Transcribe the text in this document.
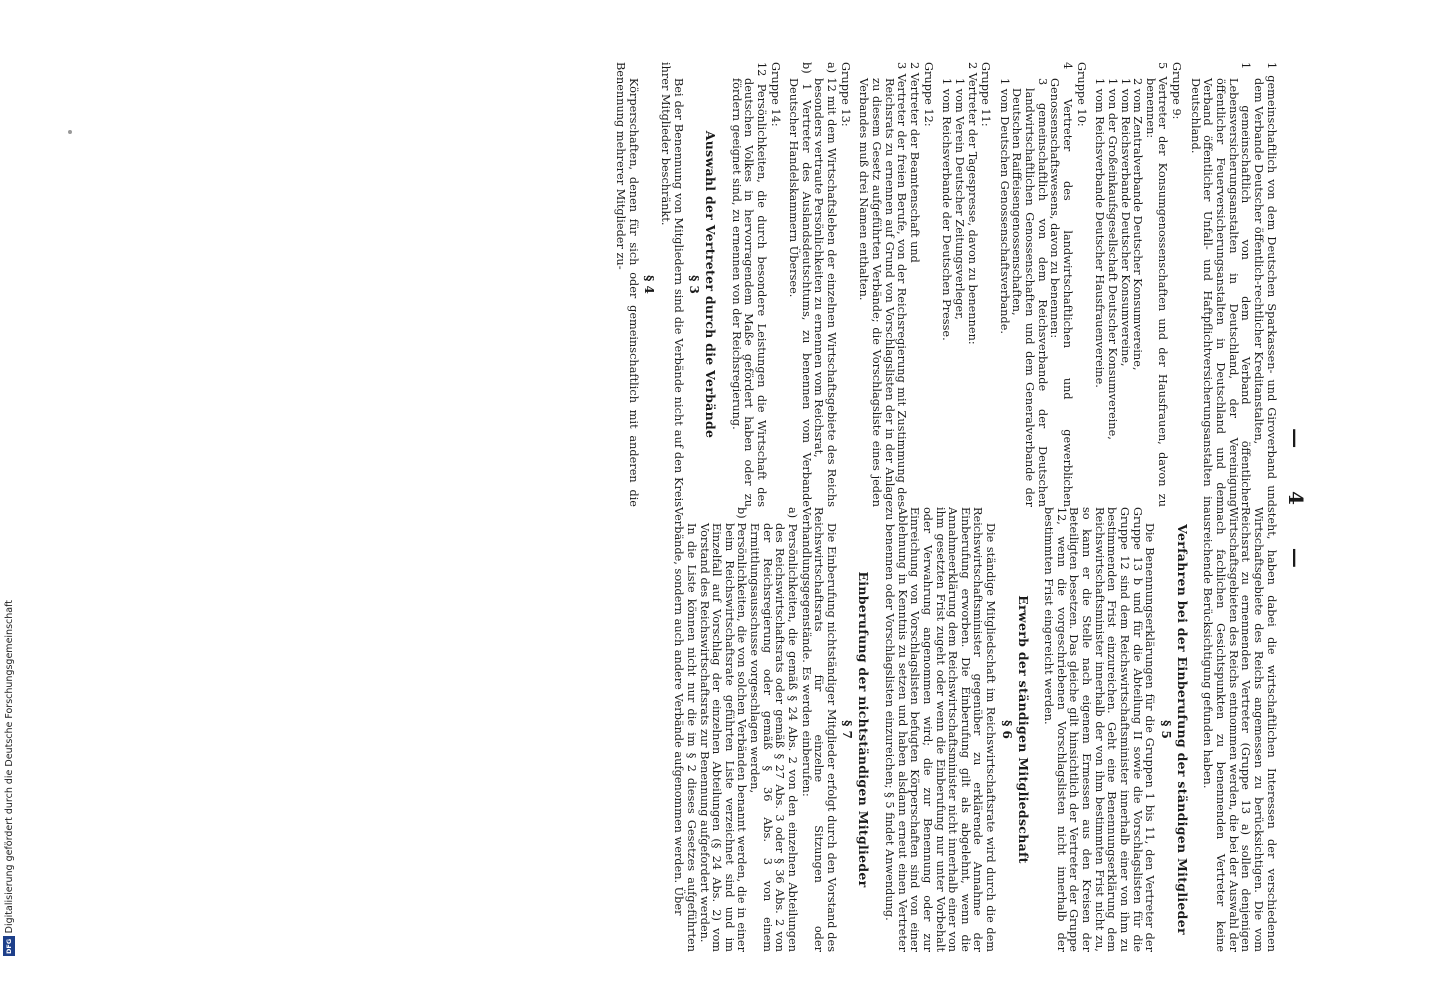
— 4 —
1 gemeinschaftlich von dem Deutschen Sparkassen- und Giroverband und dem Verbande Deutscher öffentlich-rechtlicher Kreditanstalten,
1 gemeinschaftlich von dem Verband öffentlicher Lebensversicherungsanstalten in Deutschland, der Vereinigung öffentlicher Feuerversicherungsanstalten in Deutschland und dem Verband öffentlicher Unfall- und Haftpflichtversicherungsanstalten in Deutschland.

Gruppe 9:

5 Vertreter der Konsumgenossenschaften und der Hausfrauen, davon zu benennen:
2 vom Zentralverbande Deutscher Konsumvereine,
1 vom Reichsverbande Deutscher Konsumvereine,
1 von der Großeinkaufsgesellschaft Deutscher Konsumvereine,
1 vom Reichsverbande Deutscher Hausfrauenvereine.

Gruppe 10:

4 Vertreter des landwirtschaftlichen und gewerblichen Genossenschaftswesens, davon zu benennen:
3 gemeinschaftlich von dem Reichsverbande der Deutschen landwirtschaftlichen Genossenschaften und dem Generalverbande der Deutschen Raiffeisengenossenschaften,
1 vom Deutschen Genossenschaftsverbande.

Gruppe 11:

2 Vertreter der Tagespresse, davon zu benennen:
1 vom Verein Deutscher Zeitungsverleger,
1 vom Reichsverbande der Deutschen Presse.

Gruppe 12:

2 Vertreter der Beamtenschaft und
3 Vertreter der freien Berufe, von der Reichsregierung mit Zustimmung des Reichsrats zu ernennen auf Grund von Vorschlagslisten der in der Anlage zu diesem Gesetz aufgeführten Verbände; die Vorschlagsliste eines jeden Verbandes muß drei Namen enthalten.

Gruppe 13:

a) 12 mit dem Wirtschaftsleben der einzelnen Wirtschaftsgebiete des Reichs besonders vertraute Persönlichkeiten zu ernennen vom Reichsrat,
b) 1 Vertreter des Auslandsdeutschtums, zu benennen vom Verbande Deutscher Handelskammern Übersee.

Gruppe 14:

12 Persönlichkeiten, die durch besondere Leistungen die Wirtschaft des deutschen Volkes in hervorragendem Maße gefördert haben oder zu fördern geeignet sind, zu ernennen von der Reichsregierung.
Auswahl der Vertreter durch die Verbände
§ 3

Bei der Benennung von Mitgliedern sind die Verbände nicht auf den Kreis ihrer Mitglieder beschränkt.

§ 4

Körperschaften, denen für sich oder gemeinschaftlich mit anderen die Benennung mehrerer Mitglieder zu-

steht, haben dabei die wirtschaftlichen Interessen der verschiedenen Wirtschaftsgebiete des Reichs angemessen zu berücksichtigen. Die vom Reichsrat zu ernennenden Vertreter (Gruppe 13 a) sollen denjenigen Wirtschaftsgebieten des Reichs entnommen werden, die bei der Auswahl der nach fachlichen Gesichtspunkten zu benennenden Vertreter keine ausreichende Berücksichtigung gefunden haben.

Verfahren bei der Einberufung der ständigen Mitglieder
§ 5

Die Benennungserklärungen für die Gruppen 1 bis 11, den Vertreter der Gruppe 13 b und für die Abteilung II sowie die Vorschlagslisten für die Gruppe 12 sind dem Reichswirtschaftsminister innerhalb einer von ihm zu bestimmenden Frist einzureichen. Geht eine Benennungserklärung dem Reichswirtschaftsminister innerhalb der von ihm bestimmten Frist nicht zu, so kann er die Stelle nach eigenem Ermessen aus den Kreisen der Beteiligten besetzen. Das gleiche gilt hinsichtlich der Vertreter der Gruppe 12, wenn die vorgeschriebenen Vorschlagslisten nicht innerhalb der bestimmten Frist eingereicht werden.

Erwerb der ständigen Mitgliedschaft
§ 6

Die ständige Mitgliedschaft im Reichswirtschaftsrate wird durch die dem Reichswirtschaftsminister gegenüber zu erklärende Annahme der Einberufung erworben. Die Einberufung gilt als abgelehnt, wenn die Annahmeerklärung dem Reichswirtschaftsminister nicht innerhalb einer von ihm gesetzten Frist zugeht oder wenn die Einberufung nur unter Vorbehalt oder Verwahrung angenommen wird; die zur Benennung oder zur Einreichung von Vorschlagslisten befugten Körperschaften sind von einer Ablehnung in Kenntnis zu setzen und haben alsdann erneut einen Vertreter zu benennen oder Vorschlagslisten einzureichen; § 5 findet Anwendung.

Einberufung der nichtständigen Mitglieder
§ 7

Die Einberufung nichtständiger Mitglieder erfolgt durch den Vorstand des Reichswirtschaftsrats für einzelne Sitzungen oder Verhandlungsgegenstände. Es werden einberufen:

a) Persönlichkeiten, die gemäß § 24 Abs. 2 von den einzelnen Abteilungen des Reichswirtschaftsrats oder gemäß § 27 Abs. 3 oder § 36 Abs. 2 von der Reichsregierung oder gemäß § 36 Abs. 3 von einem Ermittlungsausschusse vorgeschlagen werden,

b) Persönlichkeiten, die von solchen Verbänden benannt werden, die in einer beim Reichswirtschaftsrate geführten Liste verzeichnet sind und im Einzelfall auf Vorschlag der einzelnen Abteilungen (§ 24 Abs. 2) vom Vorstand des Reichswirtschaftsrats zur Benennung aufgefordert werden.

In die Liste können nicht nur die im § 2 dieses Gesetzes aufgeführten Verbände, sondern auch andere Verbände aufgenommen werden. Über

Digitalisierung gefördert durch die Deutsche Forschungsgemeinschaft
DFG
